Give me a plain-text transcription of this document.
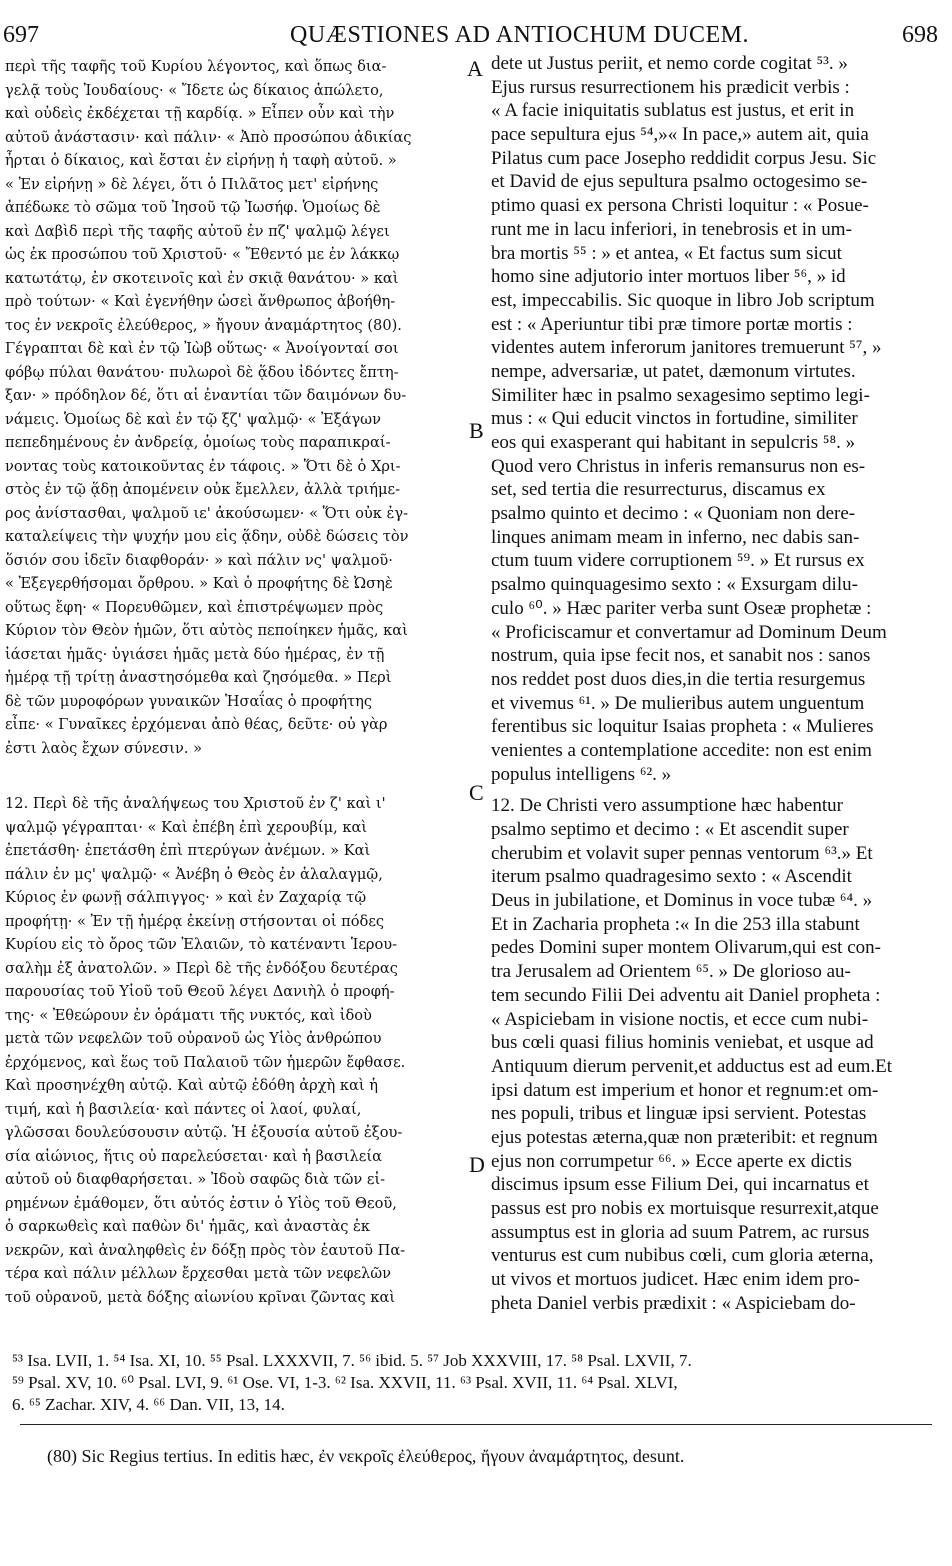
697	QUÆSTIONES AD ANTIOCHUM DUCEM.	698
περὶ τῆς ταφῆς τοῦ Κυρίου λέγοντος, καὶ ὅπως δια-
γελᾷ τοὺς Ἰουδαίους· « Ἴδετε ὡς δίκαιος ἀπώλετο,
καὶ οὐδεὶς ἐκδέχεται τῇ καρδίᾳ. » Εἶπεν οὖν καὶ τὴν
αὐτοῦ ἀνάστασιν· καὶ πάλιν· « Ἀπὸ προσώπου ἀδικίας
ἦρται ὁ δίκαιος, καὶ ἔσται ἐν εἰρήνῃ ἡ ταφὴ αὐτοῦ. »
« Ἐν εἰρήνῃ » δὲ λέγει, ὅτι ὁ Πιλᾶτος μετ' εἰρήνης
ἀπέδωκε τὸ σῶμα τοῦ Ἰησοῦ τῷ Ἰωσήφ. Ὁμοίως δὲ
καὶ Δαβὶδ περὶ τῆς ταφῆς αὐτοῦ ἐν πζ' ψαλμῷ λέγει
ὡς ἐκ προσώπου τοῦ Χριστοῦ· « Ἔθεντό με ἐν λάκκῳ
κατωτάτῳ, ἐν σκοτεινοῖς καὶ ἐν σκιᾷ θανάτου· » καὶ
πρὸ τούτων· « Καὶ ἐγενήθην ὡσεὶ ἄνθρωπος ἀβοήθη-
τος ἐν νεκροῖς ἐλεύθερος, » ἤγουν ἀναμάρτητος (80).
Γέγραπται δὲ καὶ ἐν τῷ Ἰὼβ οὕτως· « Ἀνοίγονταί σοι
φόβῳ πύλαι θανάτου· πυλωροὶ δὲ ᾅδου ἰδόντες ἔπτη-
ξαν· » πρόδηλον δέ, ὅτι αἱ ἐναντίαι τῶν δαιμόνων δυ-
νάμεις. Ὁμοίως δὲ καὶ ἐν τῷ ξζ' ψαλμῷ· « Ἐξάγων
πεπεδημένους ἐν ἀνδρείᾳ, ὁμοίως τοὺς παραπικραί-
νοντας τοὺς κατοικοῦντας ἐν τάφοις. » Ὅτι δὲ ὁ Χρι-
στὸς ἐν τῷ ᾅδῃ ἀπομένειν οὐκ ἔμελλεν, ἀλλὰ τριήμε-
ρος ἀνίστασθαι, ψαλμοῦ ιε' ἀκούσωμεν· « Ὅτι οὐκ ἐγ-
καταλείψεις τὴν ψυχήν μου εἰς ᾅδην, οὐδὲ δώσεις τὸν
ὅσιόν σου ἰδεῖν διαφθοράν· » καὶ πάλιν νς' ψαλμοῦ·
« Ἐξεγερθήσομαι ὄρθρου. » Καὶ ὁ προφήτης δὲ Ὠσηὲ
οὕτως ἔφη· « Πορευθῶμεν, καὶ ἐπιστρέψωμεν πρὸς
Κύριον τὸν Θεὸν ἡμῶν, ὅτι αὐτὸς πεποίηκεν ἡμᾶς, καὶ
ἰάσεται ἡμᾶς· ὑγιάσει ἡμᾶς μετὰ δύο ἡμέρας, ἐν τῇ
ἡμέρᾳ τῇ τρίτῃ ἀναστησόμεθα καὶ ζησόμεθα. » Περὶ
δὲ τῶν μυροφόρων γυναικῶν Ἡσαΐας ὁ προφήτης
εἶπε· « Γυναῖκες ἐρχόμεναι ἀπὸ θέας, δεῦτε· οὐ γὰρ
ἐστι λαὸς ἔχων σύνεσιν. »
12. Περὶ δὲ τῆς ἀναλήψεως του Χριστοῦ ἐν ζ' καὶ ι'
ψαλμῷ γέγραπται· « Καὶ ἐπέβη ἐπὶ χερουβίμ, καὶ
ἐπετάσθη· ἐπετάσθη ἐπὶ πτερύγων ἀνέμων. » Καὶ
πάλιν ἐν μς' ψαλμῷ· « Ἀνέβη ὁ Θεὸς ἐν ἀλαλαγμῷ,
Κύριος ἐν φωνῇ σάλπιγγος· » καὶ ἐν Ζαχαρίᾳ τῷ
προφήτῃ· « Ἐν τῇ ἡμέρᾳ ἐκείνῃ στήσονται οἱ πόδες
Κυρίου εἰς τὸ ὄρος τῶν Ἐλαιῶν, τὸ κατέναντι Ἱερου-
σαλὴμ ἐξ ἀνατολῶν. » Περὶ δὲ τῆς ἐνδόξου δευτέρας
παρουσίας τοῦ Υἱοῦ τοῦ Θεοῦ λέγει Δανιὴλ ὁ προφή-
της· « Ἐθεώρουν ἐν ὁράματι τῆς νυκτός, καὶ ἰδοὺ
μετὰ τῶν νεφελῶν τοῦ οὐρανοῦ ὡς Υἱὸς ἀνθρώπου
ἐρχόμενος, καὶ ἕως τοῦ Παλαιοῦ τῶν ἡμερῶν ἔφθασε.
Καὶ προσηνέχθη αὐτῷ. Καὶ αὐτῷ ἐδόθη ἀρχὴ καὶ ἡ
τιμή, καὶ ἡ βασιλεία· καὶ πάντες οἱ λαοί, φυλαί,
γλῶσσαι δουλεύσουσιν αὐτῷ. Ἡ ἐξουσία αὐτοῦ ἐξου-
σία αἰώνιος, ἥτις οὐ παρελεύσεται· καὶ ἡ βασιλεία
αὐτοῦ οὐ διαφθαρήσεται. » Ἰδοὺ σαφῶς διὰ τῶν εἰ-
ρημένων ἐμάθομεν, ὅτι αὐτός ἐστιν ὁ Υἱὸς τοῦ Θεοῦ,
ὁ σαρκωθεὶς καὶ παθὼν δι' ἡμᾶς, καὶ ἀναστὰς ἐκ
νεκρῶν, καὶ ἀναληφθεὶς ἐν δόξῃ πρὸς τὸν ἑαυτοῦ Πα-
τέρα καὶ πάλιν μέλλων ἔρχεσθαι μετὰ τῶν νεφελῶν
τοῦ οὐρανοῦ, μετὰ δόξης αἰωνίου κρῖναι ζῶντας καὶ
dete ut Justus periit, et nemo corde cogitat ⁵³. »
Ejus rursus resurrectionem his prædicit verbis :
« A facie iniquitatis sublatus est justus, et erit in
pace sepultura ejus ⁵⁴,»« In pace,» autem ait, quia
Pilatus cum pace Josepho reddidit corpus Jesu. Sic
et David de ejus sepultura psalmo octogesimo se-
ptimo quasi ex persona Christi loquitur : « Posue-
runt me in lacu inferiori, in tenebrosis et in um-
bra mortis ⁵⁵ : » et antea, « Et factus sum sicut
homo sine adjutorio inter mortuos liber ⁵⁶, » id
est, impeccabilis. Sic quoque in libro Job scriptum
est : « Aperiuntur tibi præ timore portæ mortis :
videntes autem inferorum janitores tremuerunt ⁵⁷, »
nempe, adversariæ, ut patet, dæmonum virtutes.
Similiter hæc in psalmo sexagesimo septimo legi-
mus : « Qui educit vinctos in fortudine, similiter
eos qui exasperant qui habitant in sepulcris ⁵⁸. »
Quod vero Christus in inferis remansurus non es-
set, sed tertia die resurrecturus, discamus ex
psalmo quinto et decimo : « Quoniam non dere-
linques animam meam in inferno, nec dabis san-
ctum tuum videre corruptionem ⁵⁹. » Et rursus ex
psalmo quinquagesimo sexto : « Exsurgam dilu-
culo ⁶⁰. » Hæc pariter verba sunt Oseæ prophetæ :
« Proficiscamur et convertamur ad Dominum Deum
nostrum, quia ipse fecit nos, et sanabit nos : sanos
nos reddet post duos dies,in die tertia resurgemus
et vivemus ⁶¹. » De mulieribus autem unguentum
ferentibus sic loquitur Isaias propheta : « Mulieres
venientes a contemplatione accedite: non est enim
populus intelligens ⁶². »
12. De Christi vero assumptione hæc habentur
psalmo septimo et decimo : « Et ascendit super
cherubim et volavit super pennas ventorum ⁶³.» Et
iterum psalmo quadragesimo sexto : « Ascendit
Deus in jubilatione, et Dominus in voce tubæ ⁶⁴. »
Et in Zacharia propheta :« In die 253 illa stabunt
pedes Domini super montem Olivarum,qui est con-
tra Jerusalem ad Orientem ⁶⁵. » De glorioso au-
tem secundo Filii Dei adventu ait Daniel propheta :
« Aspiciebam in visione noctis, et ecce cum nubi-
bus cœli quasi filius hominis veniebat, et usque ad
Antiquum dierum pervenit,et adductus est ad eum.Et
ipsi datum est imperium et honor et regnum:et om-
nes populi, tribus et linguæ ipsi servient. Potestas
ejus potestas æterna,quæ non præteribit: et regnum
ejus non corrumpetur ⁶⁶. » Ecce aperte ex dictis
discimus ipsum esse Filium Dei, qui incarnatus et
passus est pro nobis ex mortuisque resurrexit,atque
assumptus est in gloria ad suum Patrem, ac rursus
venturus est cum nubibus cœli, cum gloria æterna,
ut vivos et mortuos judicet. Hæc enim idem pro-
pheta Daniel verbis prædixit : « Aspiciebam do-
A
B
C
D
⁵³ Isa. LVII, 1. ⁵⁴ Isa. XI, 10. ⁵⁵ Psal. LXXXVII, 7. ⁵⁶ ibid. 5. ⁵⁷ Job XXXVIII, 17. ⁵⁸ Psal. LXVII, 7.
⁵⁹ Psal. XV, 10. ⁶⁰ Psal. LVI, 9. ⁶¹ Ose. VI, 1-3. ⁶² Isa. XXVII, 11. ⁶³ Psal. XVII, 11. ⁶⁴ Psal. XLVI,
6. ⁶⁵ Zachar. XIV, 4. ⁶⁶ Dan. VII, 13, 14.
(80) Sic Regius tertius. In editis hæc, ἐν νεκροῖς ἐλεύθερος, ἤγουν ἀναμάρτητος, desunt.
